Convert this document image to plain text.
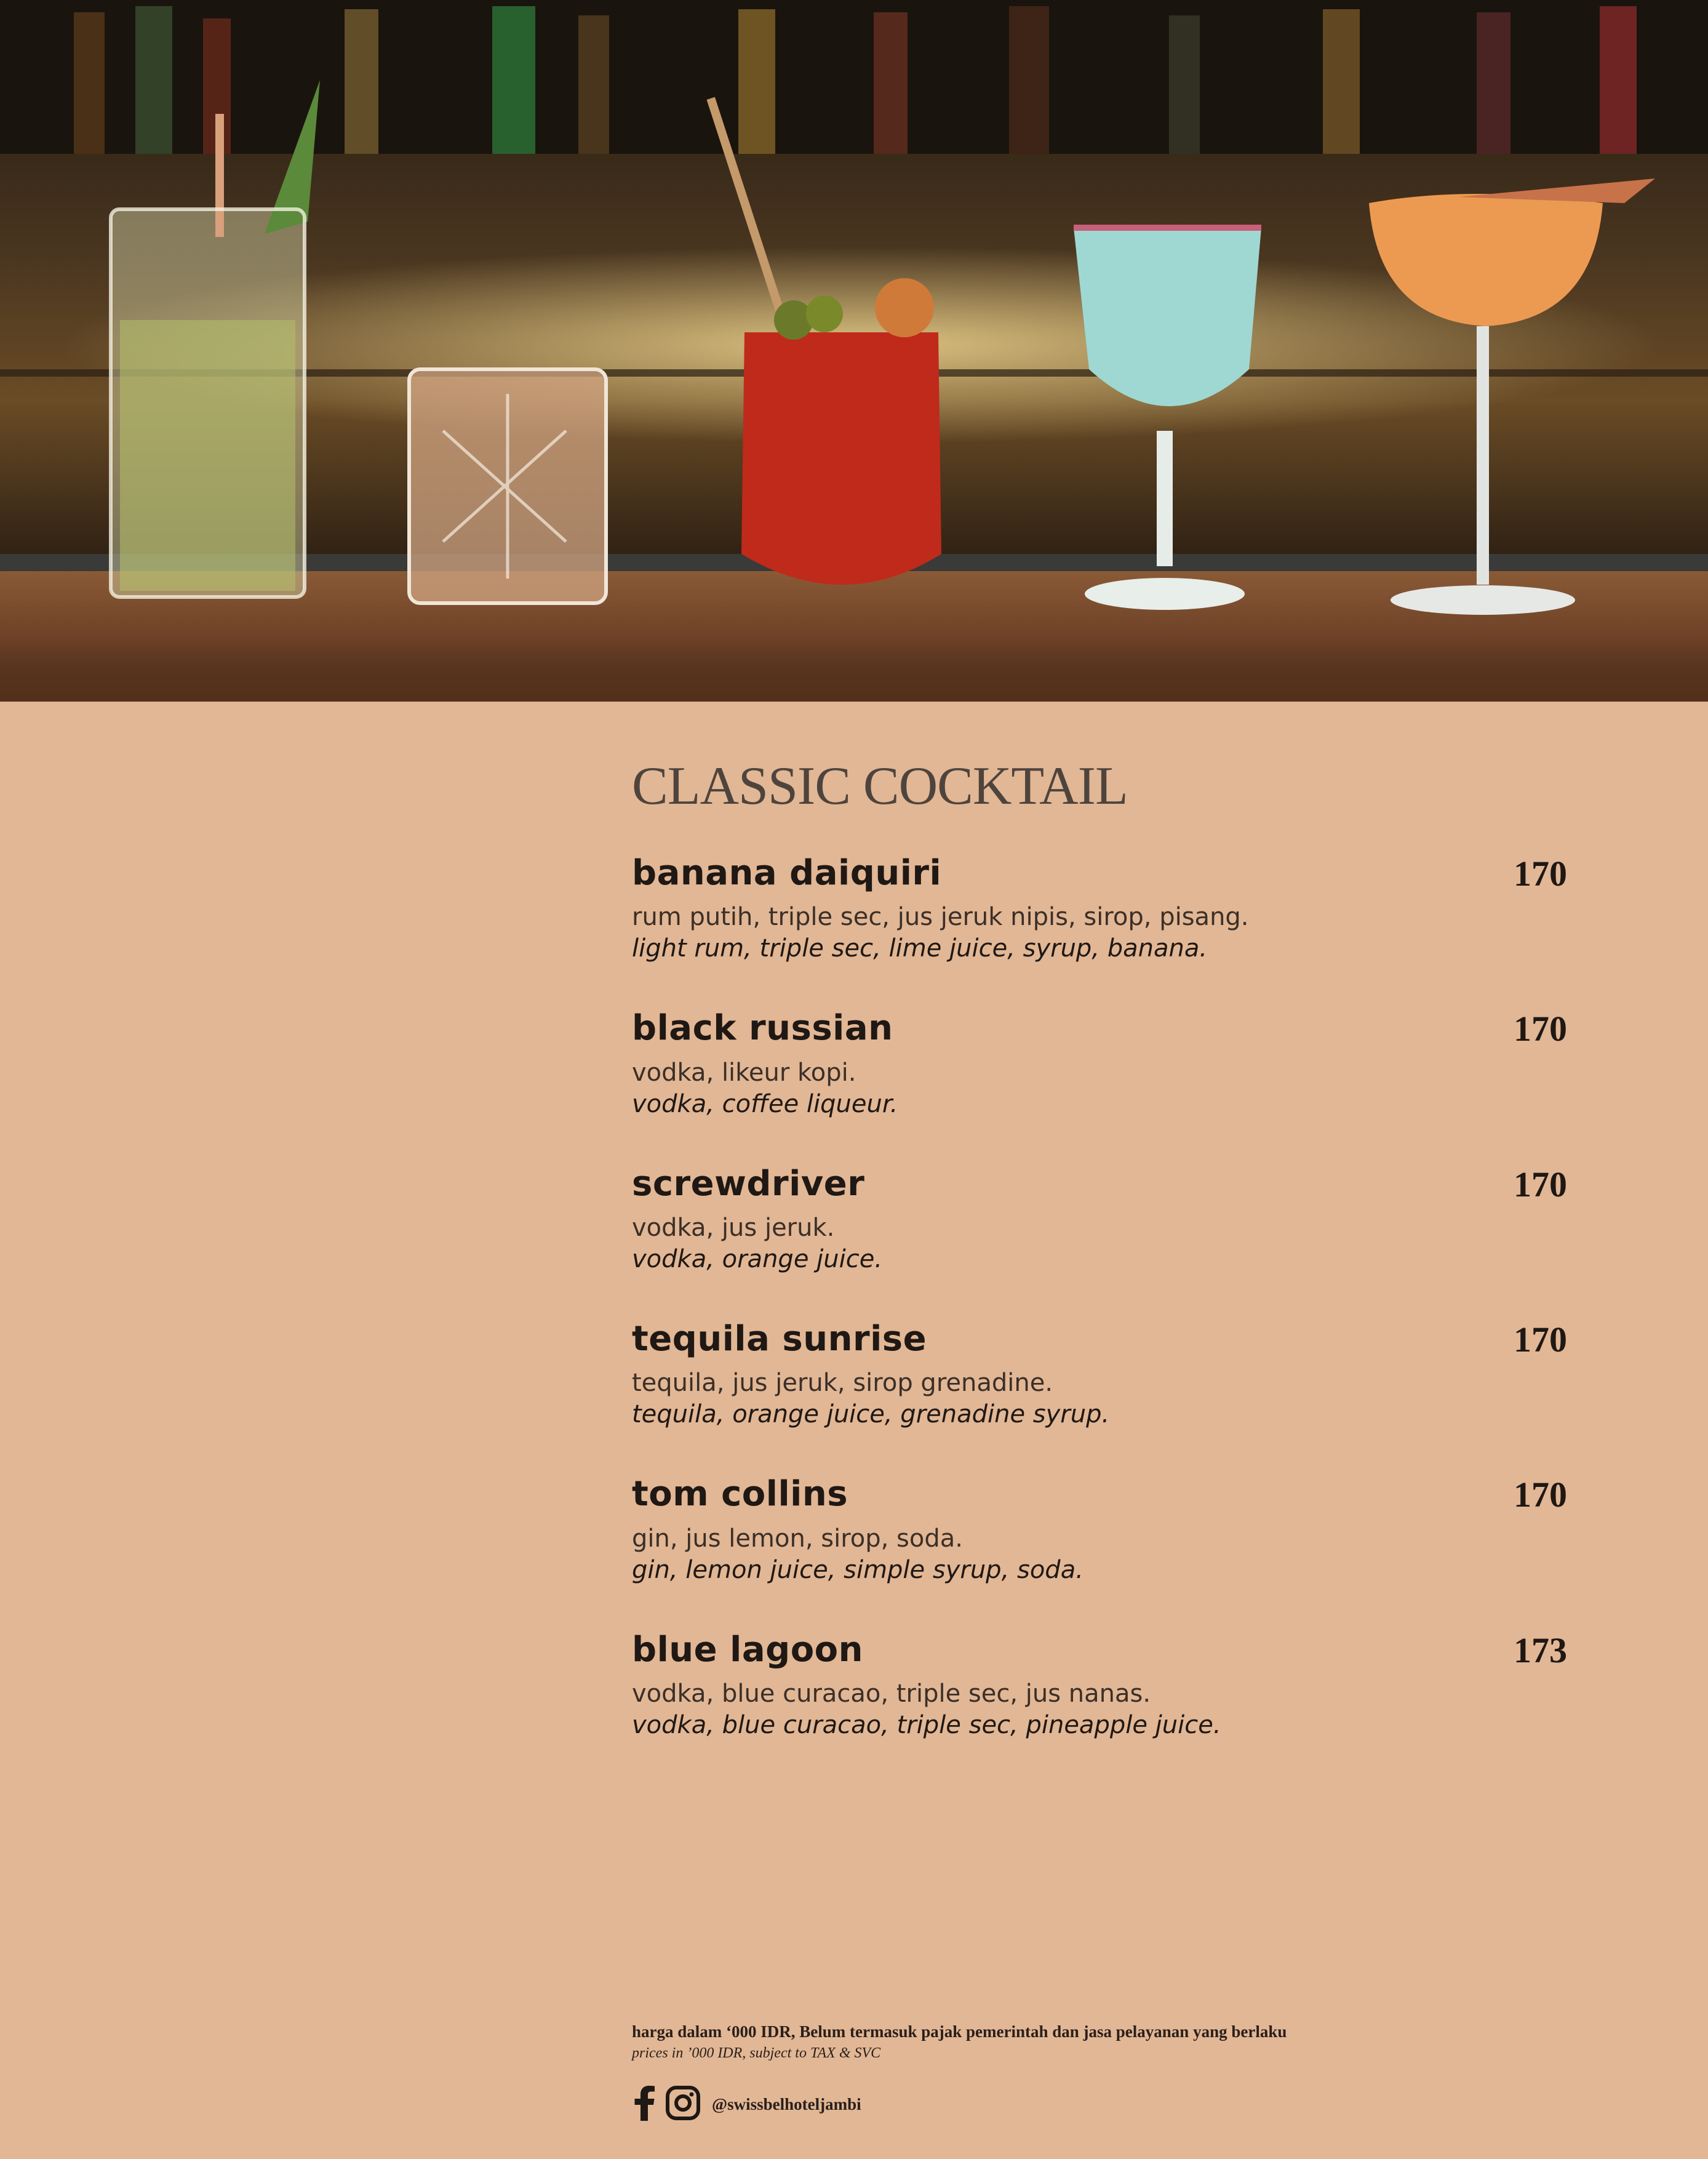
CLASSIC COCKTAIL
banana daiquiri	170
rum putih, triple sec, jus jeruk nipis, sirop, pisang.
light rum, triple sec, lime juice, syrup, banana.
black russian	170
vodka, likeur kopi.
vodka, coffee liqueur.
screwdriver	170
vodka, jus jeruk.
vodka, orange juice.
tequila sunrise	170
tequila, jus jeruk, sirop grenadine.
tequila, orange juice, grenadine syrup.
tom collins	170
gin, jus lemon, sirop, soda.
gin, lemon juice, simple syrup, soda.
blue lagoon	173
vodka, blue curacao, triple sec, jus nanas.
vodka, blue curacao, triple sec, pineapple juice.
harga dalam ‘000 IDR, Belum termasuk pajak pemerintah dan jasa pelayanan yang berlaku
prices in ’000 IDR, subject to TAX & SVC
@swissbelhoteljambi
